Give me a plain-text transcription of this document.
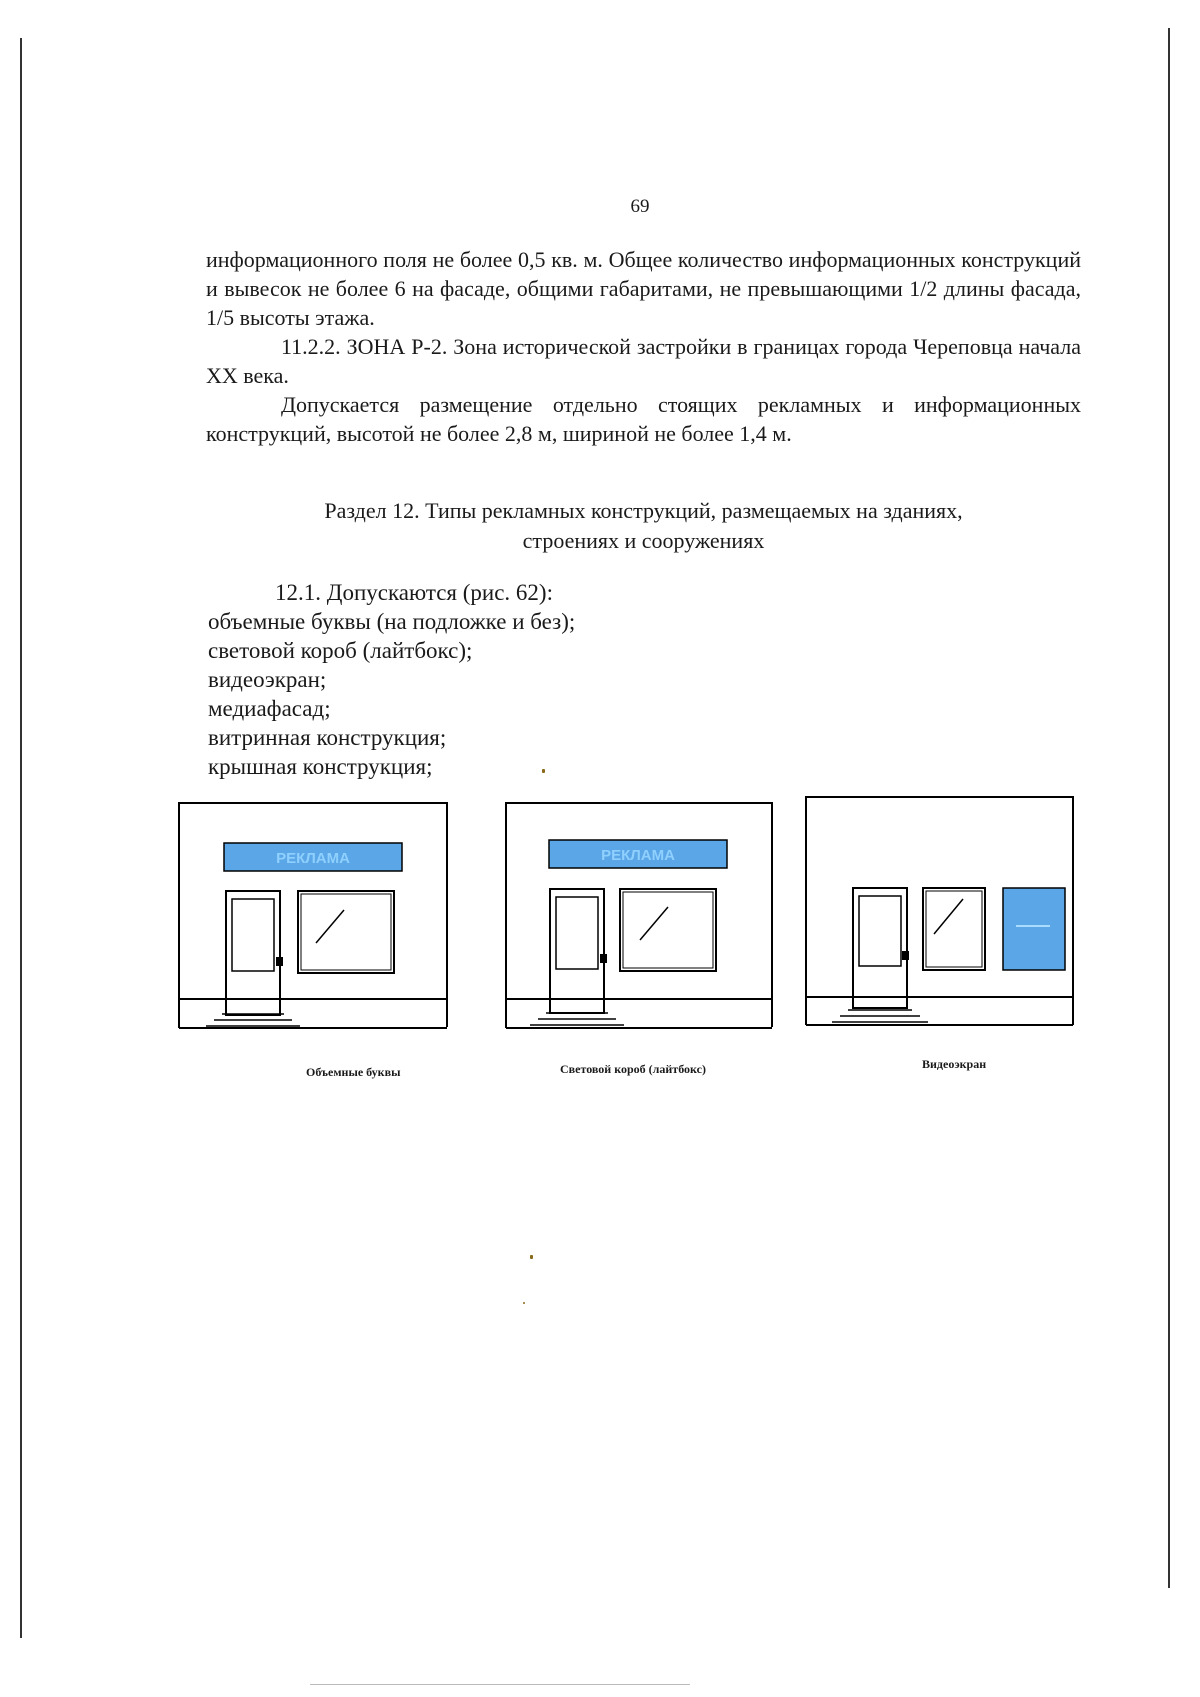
69

информационного поля не более 0,5 кв. м. Общее количество информационных конструкций и вывесок не более 6 на фасаде, общими габаритами, не превышающими 1/2 длины фасада, 1/5 высоты этажа.

11.2.2. ЗОНА Р-2. Зона исторической застройки в границах города Череповца начала XX века.

Допускается размещение отдельно стоящих рекламных и информационных конструкций, высотой не более 2,8 м, шириной не более 1,4 м.

Раздел 12. Типы рекламных конструкций, размещаемых на зданиях,
строениях и сооружениях
12.1. Допускаются (рис. 62):
объемные буквы (на подложке и без);
световой короб (лайтбокс);
видеоэкран;
медиафасад;
витринная конструкция;
крышная конструкция;
РЕКЛАМА	РЕКЛАМА
Объемные буквы	Световой короб (лайтбокс)	Видеоэкран
